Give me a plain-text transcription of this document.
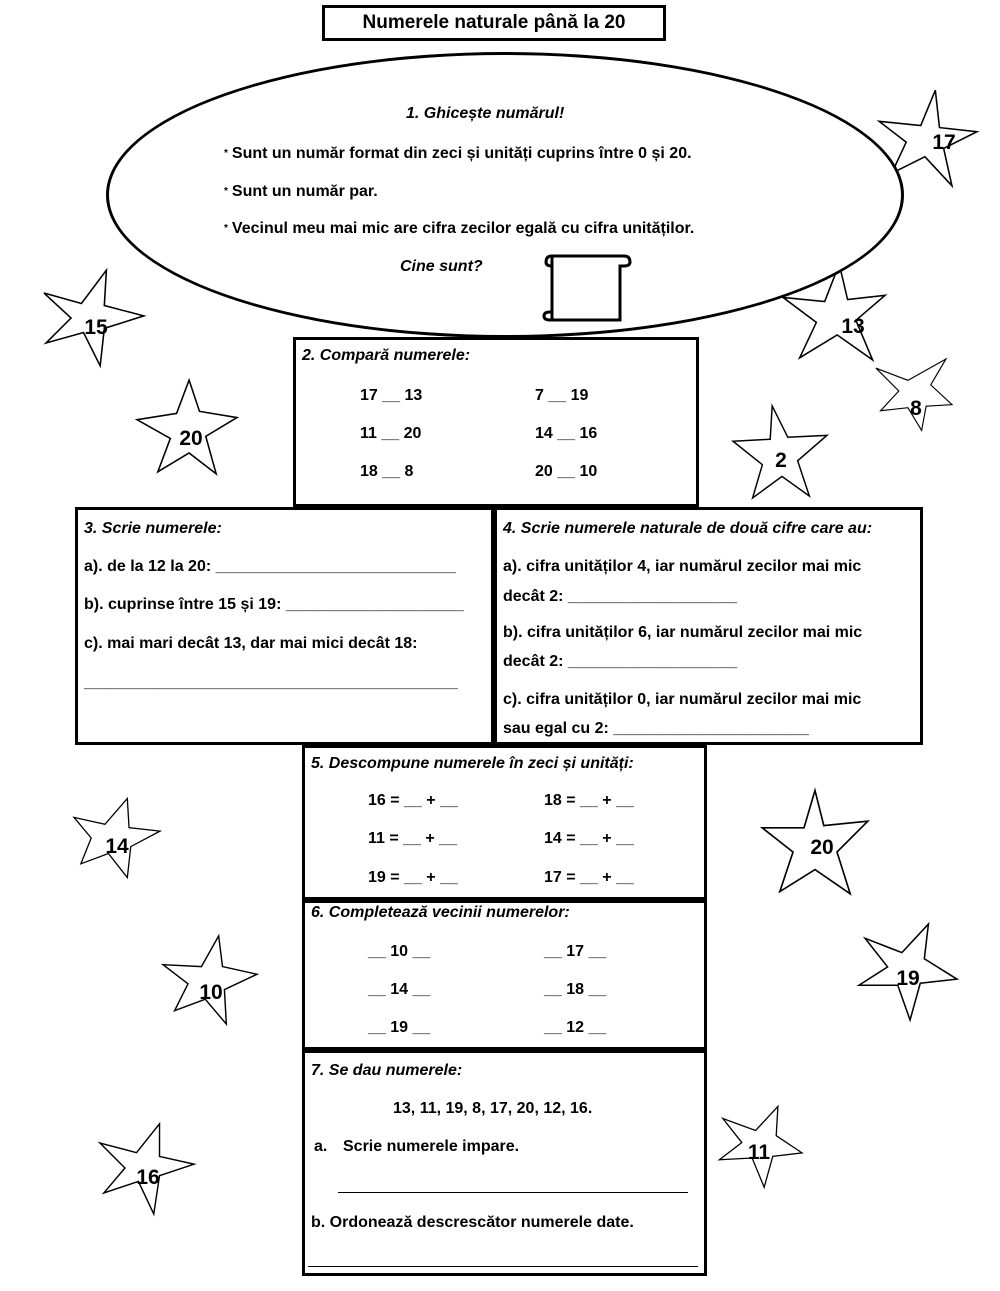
Numerele naturale până la 20
17
15	13
20
8
2
14	20
10
19
16
11
1. Ghicește numărul!
* Sunt un număr format din zeci și unități cuprins între 0 și 20.
* Sunt un număr par.
* Vecinul meu mai mic are cifra zecilor egală cu cifra unităților.
Cine sunt?
2. Compară numerele:
17 __ 13	7 __ 19
11 __ 20	14 __ 16
18 __ 8	20 __ 10
3. Scrie numerele:
a). de la 12 la 20: ___________________________
b). cuprinse între 15 și 19: ____________________
c). mai mari decât 13, dar mai mici decât 18:
__________________________________________
4. Scrie numerele naturale de două cifre care au:
a). cifra unităților 4, iar numărul zecilor mai mic
decât 2: ___________________
b). cifra unităților 6, iar numărul zecilor mai mic
decât 2: ___________________
c). cifra unităților 0, iar numărul zecilor mai mic
sau egal cu 2: ______________________
5. Descompune numerele în zeci și unități:
16 = __ + __	18 = __ + __
11 = __ + __	14 = __ + __
19 = __ + __	17 = __ + __
6. Completează vecinii numerelor:
__ 10 __	__ 17 __
__ 14 __	__ 18 __
__ 19 __	__ 12 __
7. Se dau numerele:
13, 11, 19, 8, 17, 20, 12, 16.
a. Scrie numerele impare.
b. Ordonează descrescător numerele date.
